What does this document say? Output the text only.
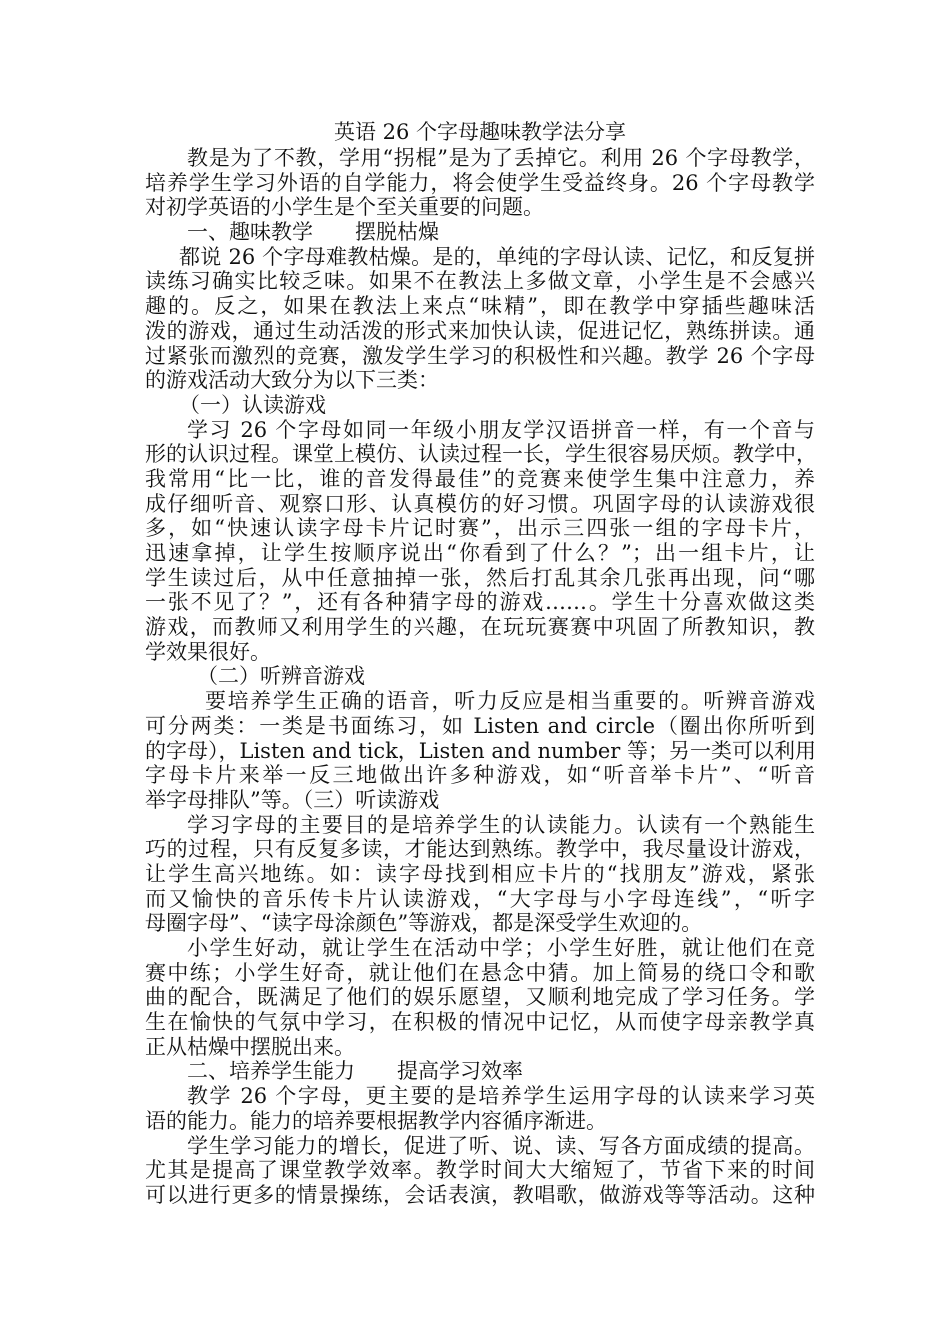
英语 26 个字母趣味教学法分享
教是为了不教，学用“拐棍”是为了丢掉它。利用 26 个字母教学，
培养学生学习外语的自学能力，将会使学生受益终身。26 个字母教学
对初学英语的小学生是个至关重要的问题。
一、趣味教学　　摆脱枯燥
都说 26 个字母难教枯燥。是的，单纯的字母认读、记忆，和反复拼
读练习确实比较乏味。如果不在教法上多做文章，小学生是不会感兴
趣的。反之，如果在教法上来点“味精”，即在教学中穿插些趣味活
泼的游戏，通过生动活泼的形式来加快认读，促进记忆，熟练拼读。通
过紧张而激烈的竞赛，激发学生学习的积极性和兴趣。教学 26 个字母
的游戏活动大致分为以下三类：
（一）认读游戏
学习 26 个字母如同一年级小朋友学汉语拼音一样，有一个音与
形的认识过程。课堂上模仿、认读过程一长，学生很容易厌烦。教学中，
我常用“比一比，谁的音发得最佳”的竞赛来使学生集中注意力，养
成仔细听音、观察口形、认真模仿的好习惯。巩固字母的认读游戏很
多，如“快速认读字母卡片记时赛”，出示三四张一组的字母卡片，
迅速拿掉，让学生按顺序说出“你看到了什么？”；出一组卡片，让
学生读过后，从中任意抽掉一张，然后打乱其余几张再出现，问“哪
一张不见了？”，还有各种猜字母的游戏……。学生十分喜欢做这类
游戏，而教师又利用学生的兴趣，在玩玩赛赛中巩固了所教知识，教
学效果很好。
（二）听辨音游戏
要培养学生正确的语音，听力反应是相当重要的。听辨音游戏
可分两类：一类是书面练习，如 Listen and circle（圈出你所听到
的字母），Listen and tick，Listen and number 等；另一类可以利用
字母卡片来举一反三地做出许多种游戏，如“听音举卡片”、“听音
举字母排队”等。（三）听读游戏
学习字母的主要目的是培养学生的认读能力。认读有一个熟能生
巧的过程，只有反复多读，才能达到熟练。教学中，我尽量设计游戏，
让学生高兴地练。如：读字母找到相应卡片的“找朋友”游戏，紧张
而又愉快的音乐传卡片认读游戏，“大字母与小字母连线”，“听字
母圈字母”、“读字母涂颜色”等游戏，都是深受学生欢迎的。
小学生好动，就让学生在活动中学；小学生好胜，就让他们在竞
赛中练；小学生好奇，就让他们在悬念中猜。加上简易的绕口令和歌
曲的配合，既满足了他们的娱乐愿望，又顺利地完成了学习任务。学
生在愉快的气氛中学习，在积极的情况中记忆，从而使字母亲教学真
正从枯燥中摆脱出来。
二、培养学生能力　　提高学习效率
教学 26 个字母，更主要的是培养学生运用字母的认读来学习英
语的能力。能力的培养要根据教学内容循序渐进。
学生学习能力的增长，促进了听、说、读、写各方面成绩的提高。
尤其是提高了课堂教学效率。教学时间大大缩短了，节省下来的时间
可以进行更多的情景操练，会话表演，教唱歌，做游戏等等活动。这种
